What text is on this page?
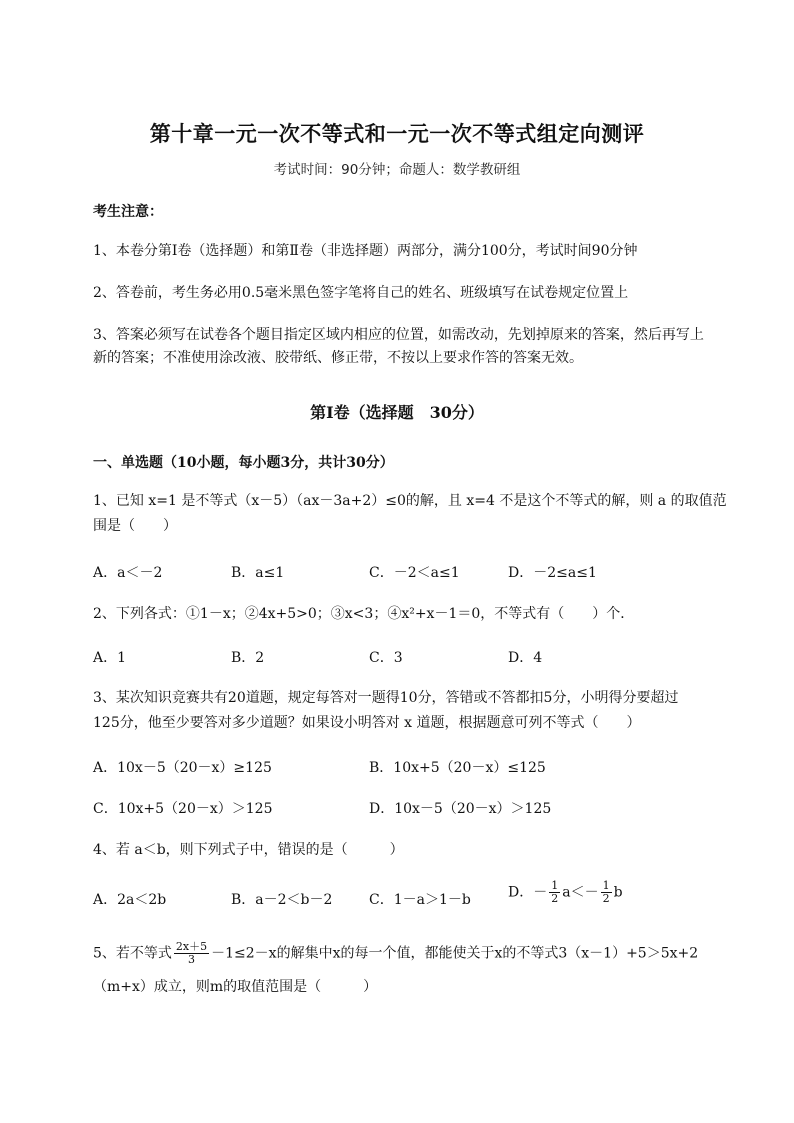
第十章一元一次不等式和一元一次不等式组定向测评
考试时间：90分钟；命题人：数学教研组
考生注意：
1、本卷分第I卷（选择题）和第Ⅱ卷（非选择题）两部分，满分100分，考试时间90分钟
2、答卷前，考生务必用0.5毫米黑色签字笔将自己的姓名、班级填写在试卷规定位置上
3、答案必须写在试卷各个题目指定区域内相应的位置，如需改动，先划掉原来的答案，然后再写上新的答案；不准使用涂改液、胶带纸、修正带，不按以上要求作答的答案无效。
第I卷（选择题　30分）
一、单选题（10小题，每小题3分，共计30分）
1、已知 x=1 是不等式（x－5）（ax－3a+2）≤0的解，且 x=4 不是这个不等式的解，则 a 的取值范
围是（　　）
A．a＜－2	B．a≤1	C．－2＜a≤1	D．－2≤a≤1
2、下列各式：①1－x；②4x+5>0；③x<3；④x²+x－1＝0，不等式有（　　）个．
A．1	B．2	C．3	D．4
3、某次知识竞赛共有20道题，规定每答对一题得10分，答错或不答都扣5分，小明得分要超过
125分，他至少要答对多少道题？如果设小明答对 x 道题，根据题意可列不等式（　　）
A．10x－5（20－x）≥125	B．10x+5（20－x）≤125
C．10x+5（20－x）＞125	D．10x－5（20－x）＞125
4、若 a＜b，则下列式子中，错误的是（　　　）
A．2a＜2b	B．a－2＜b－2	C．1－a＞1－b	D．－ $\frac{1}{2} a<- \frac{1}{2}$ b
5、若不等式 $\frac{2x+5}{3} -1\le 2-x$的解集中x的每一个值，都能使关于x的不等式3（x－1）+5＞5x+2
（m+x）成立，则m的取值范围是（　　　）
